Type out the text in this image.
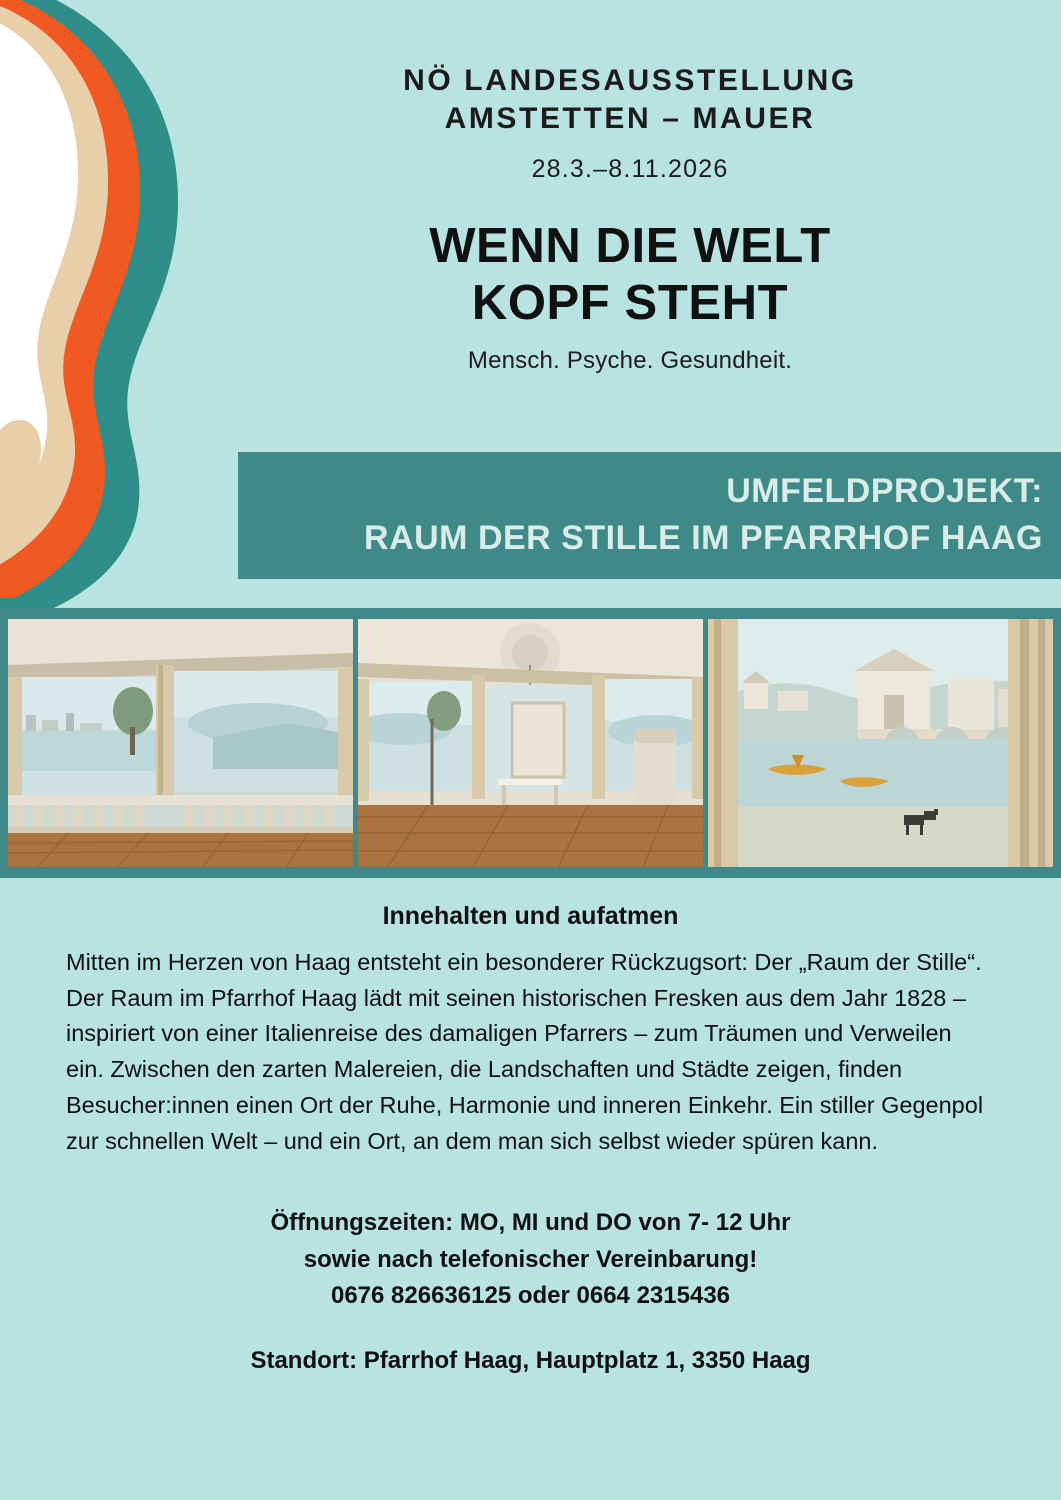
NÖ LANDESAUSSTELLUNG
AMSTETTEN – MAUER
28.3.–8.11.2026
WENN DIE WELT
KOPF STEHT
Mensch. Psyche. Gesundheit.
UMFELDPROJEKT:
RAUM DER STILLE IM PFARRHOF HAAG
Innehalten und aufatmen

Mitten im Herzen von Haag entsteht ein besonderer Rückzugsort: Der „Raum der Stille“. Der Raum im Pfarrhof Haag lädt mit seinen historischen Fresken aus dem Jahr 1828 – inspiriert von einer Italienreise des damaligen Pfarrers – zum Träumen und Verweilen ein. Zwischen den zarten Malereien, die Landschaften und Städte zeigen, finden Besucher:innen einen Ort der Ruhe, Harmonie und inneren Einkehr. Ein stiller Gegenpol zur schnellen Welt – und ein Ort, an dem man sich selbst wieder spüren kann.

Öffnungszeiten: MO, MI und DO von 7- 12 Uhr
sowie nach telefonischer Vereinbarung!
0676 826636125 oder 0664 2315436
Standort: Pfarrhof Haag, Hauptplatz 1, 3350 Haag
